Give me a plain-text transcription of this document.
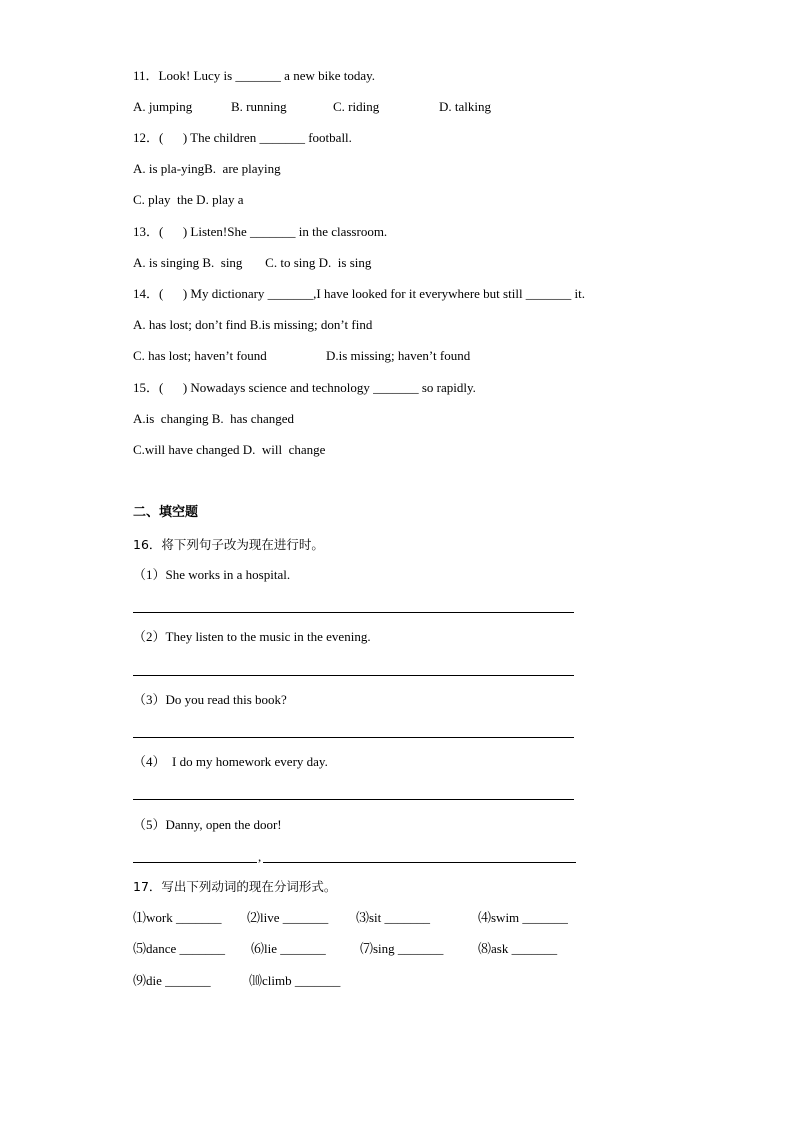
11．Look! Lucy is _______ a new bike today.
A. jumping	B. running	C. riding	D. talking
12．(      ) The children _______ football.
A. is pla-yingB.  are playing
C. play  the D. play a
13．(      ) Listen!She _______ in the classroom.
A. is singing B.  sing       C. to sing D.  is sing
14．(      ) My dictionary _______,I have looked for it everywhere but still _______ it.
A. has lost; don’t find B.is missing; don’t find
C. has lost; haven’t found	D.is missing; haven’t found
15．(      ) Nowadays science and technology _______ so rapidly.
A.is  changing B.  has changed
C.will have changed D.  will  change
二、填空题
16．将下列句子改为现在进行时。
（1）She works in a hospital.
（2）They listen to the music in the evening.
（3）Do you read this book?
（4）  I do my homework every day.
（5）Danny, open the door!
,
17．写出下列动词的现在分词形式。
⑴work _______ ⑵live _______ ⑶sit _______	⑷swim _______
⑸dance _______ ⑹lie _______	⑺sing _______	⑻ask _______
⑼die _______	⑽climb _______
